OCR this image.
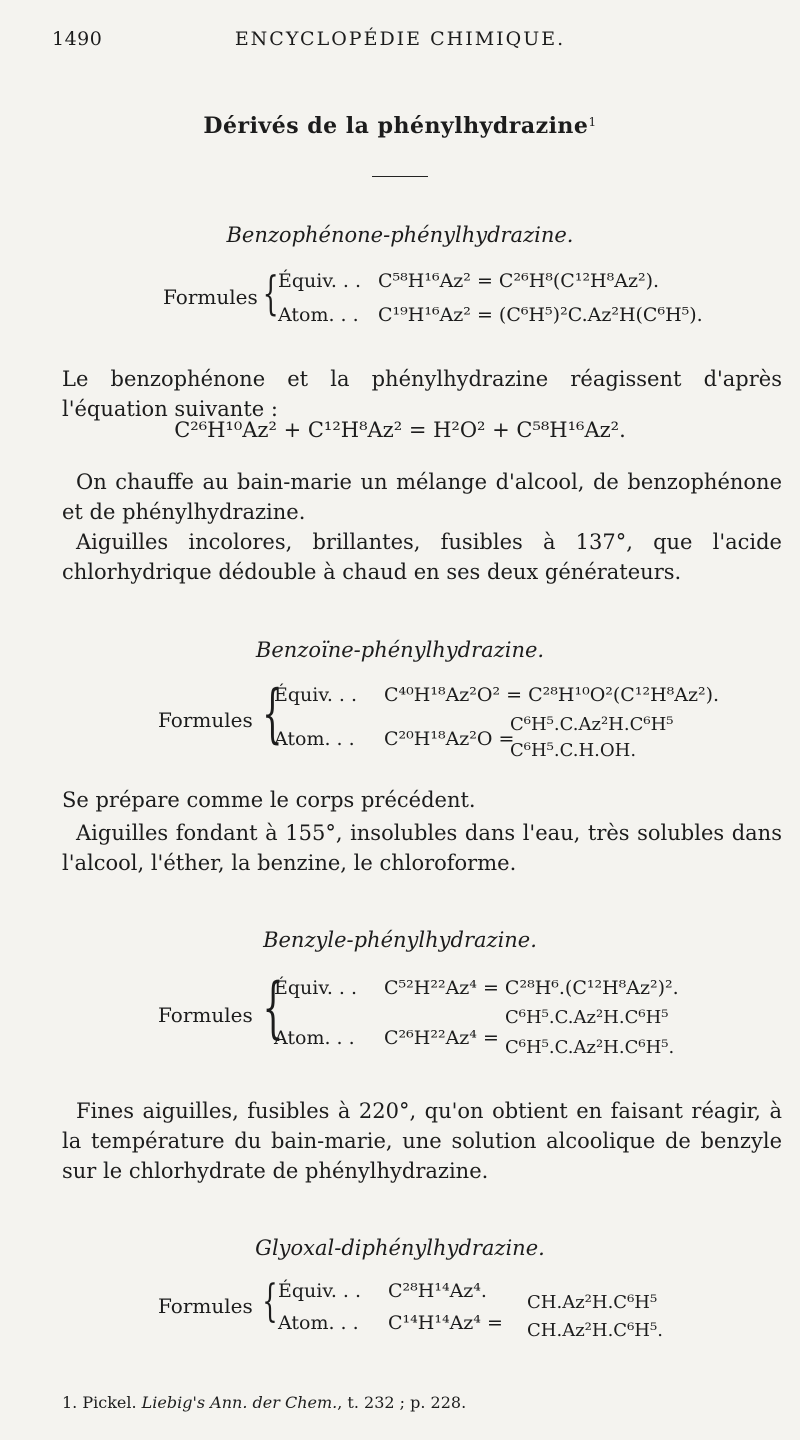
1490	ENCYCLOPÉDIE CHIMIQUE.
Dérivés de la phénylhydrazine$^1$
Benzophénone-phénylhydrazine.
Formules { Équiv. . . C⁵⁸H¹⁶Az² = C²⁶H⁸(C¹²H⁸Az²).
Atom. . . C¹⁹H¹⁶Az² = (C⁶H⁵)²C.Az²H(C⁶H⁵).
Le benzophénone et la phénylhydrazine réagissent d'après l'équation suivante :
C²⁶H¹⁰Az² + C¹²H⁸Az² = H²O² + C⁵⁸H¹⁶Az².
On chauffe au bain-marie un mélange d'alcool, de benzophénone et de phénylhydrazine.
Aiguilles incolores, brillantes, fusibles à 137°, que l'acide chlorhydrique dédouble à chaud en ses deux générateurs.
Benzoïne-phénylhydrazine.
Formules {
Équiv. . . C⁴⁰H¹⁸Az²O² = C²⁸H¹⁰O²(C¹²H⁸Az²).
Atom. . . C²⁰H¹⁸Az²O =
C⁶H⁵.C.Az²H.C⁶H⁵
C⁶H⁵.C.H.OH.
Se prépare comme le corps précédent.
Aiguilles fondant à 155°, insolubles dans l'eau, très solubles dans l'alcool, l'éther, la benzine, le chloroforme.
Benzyle-phénylhydrazine.
Formules {
Équiv. . . C⁵²H²²Az⁴ = C²⁸H⁶.(C¹²H⁸Az²)².
Atom. . . C²⁶H²²Az⁴ =
C⁶H⁵.C.Az²H.C⁶H⁵
C⁶H⁵.C.Az²H.C⁶H⁵.
Fines aiguilles, fusibles à 220°, qu'on obtient en faisant réagir, à la température du bain-marie, une solution alcoolique de benzyle sur le chlorhydrate de phénylhydrazine.
Glyoxal-diphénylhydrazine.
Formules { Équiv. . . C²⁸H¹⁴Az⁴.
Atom. . . C¹⁴H¹⁴Az⁴ =
CH.Az²H.C⁶H⁵
CH.Az²H.C⁶H⁵.
1. Pickel. Liebig's Ann. der Chem., t. 232 ; p. 228.
